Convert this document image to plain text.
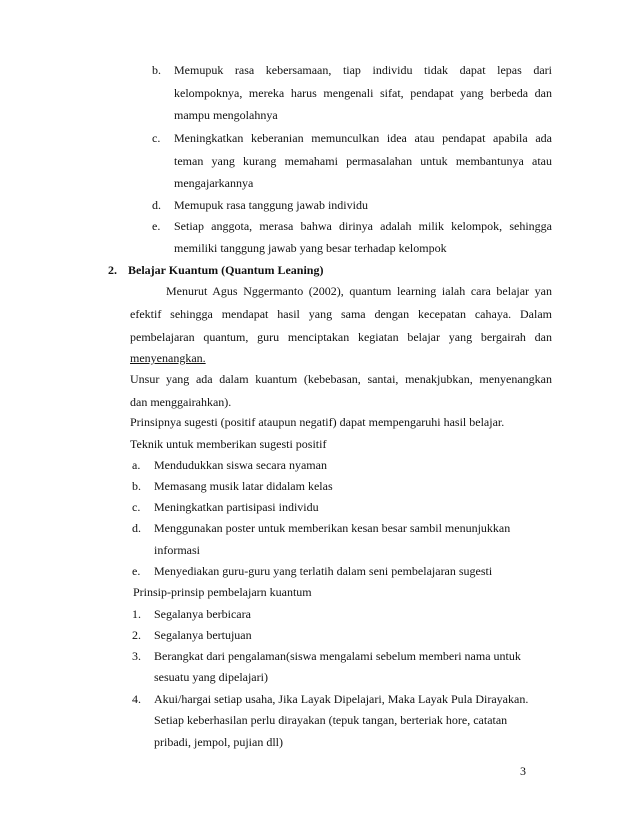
b. Memupuk rasa kebersamaan, tiap individu tidak dapat lepas dari
kelompoknya, mereka harus mengenali sifat, pendapat yang berbeda dan
mampu mengolahnya
c. Meningkatkan keberanian memunculkan idea atau pendapat apabila ada
teman yang kurang memahami permasalahan untuk membantunya atau
mengajarkannya
d. Memupuk rasa tanggung jawab individu
e. Setiap anggota, merasa bahwa dirinya adalah milik kelompok, sehingga
memiliki tanggung jawab yang besar terhadap kelompok
2. Belajar Kuantum (Quantum Leaning)
Menurut Agus Nggermanto (2002), quantum learning ialah cara belajar yan
efektif sehingga mendapat hasil yang sama dengan kecepatan cahaya. Dalam
pembelajaran quantum, guru menciptakan kegiatan belajar yang bergairah dan
menyenangkan.
Unsur yang ada dalam kuantum (kebebasan, santai, menakjubkan, menyenangkan
dan menggairahkan).
Prinsipnya sugesti (positif ataupun negatif) dapat mempengaruhi hasil belajar.
Teknik untuk memberikan sugesti positif
a. Mendudukkan siswa secara nyaman
b. Memasang musik latar didalam kelas
c. Meningkatkan partisipasi individu
d. Menggunakan poster untuk memberikan kesan besar sambil menunjukkan
informasi
e. Menyediakan guru-guru yang terlatih dalam seni pembelajaran sugesti
Prinsip-prinsip pembelajarn kuantum
1. Segalanya berbicara
2. Segalanya bertujuan
3. Berangkat dari pengalaman(siswa mengalami sebelum memberi nama untuk
sesuatu yang dipelajari)
4. Akui/hargai setiap usaha, Jika Layak Dipelajari, Maka Layak Pula Dirayakan.
Setiap keberhasilan perlu dirayakan (tepuk tangan, berteriak hore, catatan
pribadi, jempol, pujian dll)
3
